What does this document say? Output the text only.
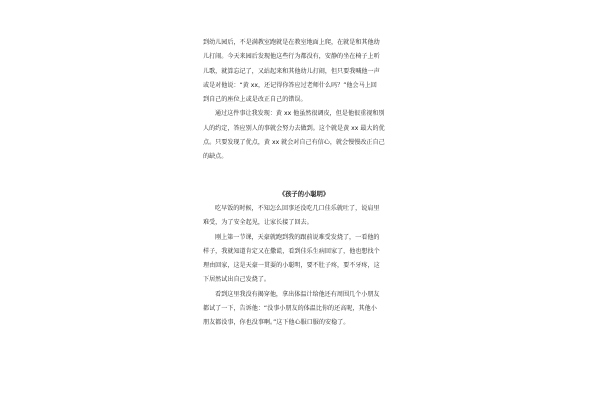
到幼儿园后，不是满教室跑就是在教室地面上爬，在就是和其他幼
儿打闹。今天来园后发现他这些行为都没有，安静的坐在椅子上听
儿歌，就算忘记了，又站起来和其他幼儿打闹，但只要我喊他一声
或是对他说：“黄 xx，还记得你答应过老师什么吗？”他会马上回
到自己的座位上或是改正自己的错误。
通过这件事让我发现：黄 xx 他虽然很调皮，但是他很重视和别
人的约定，答应别人的事就会努力去做到。这个就是黄 xx 最大的优
点。只要发现了优点，黄 xx 就会对自己有信心，就会慢慢改正自己
的缺点。
《孩子的小聪明》
吃早饭的时候，不知怎么回事还没吃几口佳乐就吐了，说肩里
难受，为了安全起见，让家长接了回去。
刚上第一节课，天豪就跑到我的跟前说难受发烧了，一看他的
样子，我就知道肯定又在撒谎，看到佳乐生病回家了，他也想找个
理由回家，这是天豪一贯耍的小聪明，要不肚子疼，要不牙疼，这
下居然试出自己发烧了。
看到这里我没有揭穿他，拿出体温计给他还有周围几个小朋友
都试了一下，告诉他：“没事小朋友的体温比你的还高呢，其他小
朋友都没事，你也没事啊。”这下他心服口服的安稳了。
